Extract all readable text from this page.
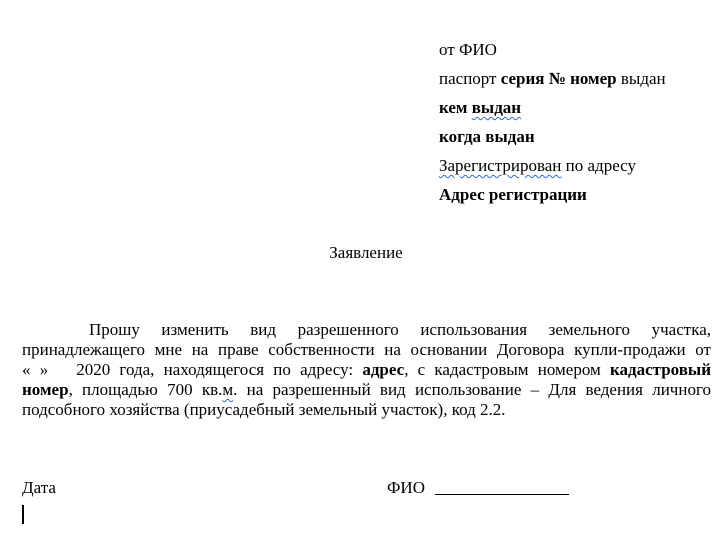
от ФИО
паспорт серия № номер выдан
кем выдан
когда выдан
Зарегистрирован по адресу
Адрес регистрации
Заявление
Прошу изменить вид разрешенного использования земельного участка,
принадлежащего мне на праве собственности на основании Договора купли-продажи от
« » 2020 года, находящегося по адресу: адрес, с кадастровым номером кадастровый
номер, площадью 700 кв.м. на разрешенный вид использование – Для ведения личного
подсобного хозяйства (приусадебный земельный участок), код 2.2.
Дата	ФИО
